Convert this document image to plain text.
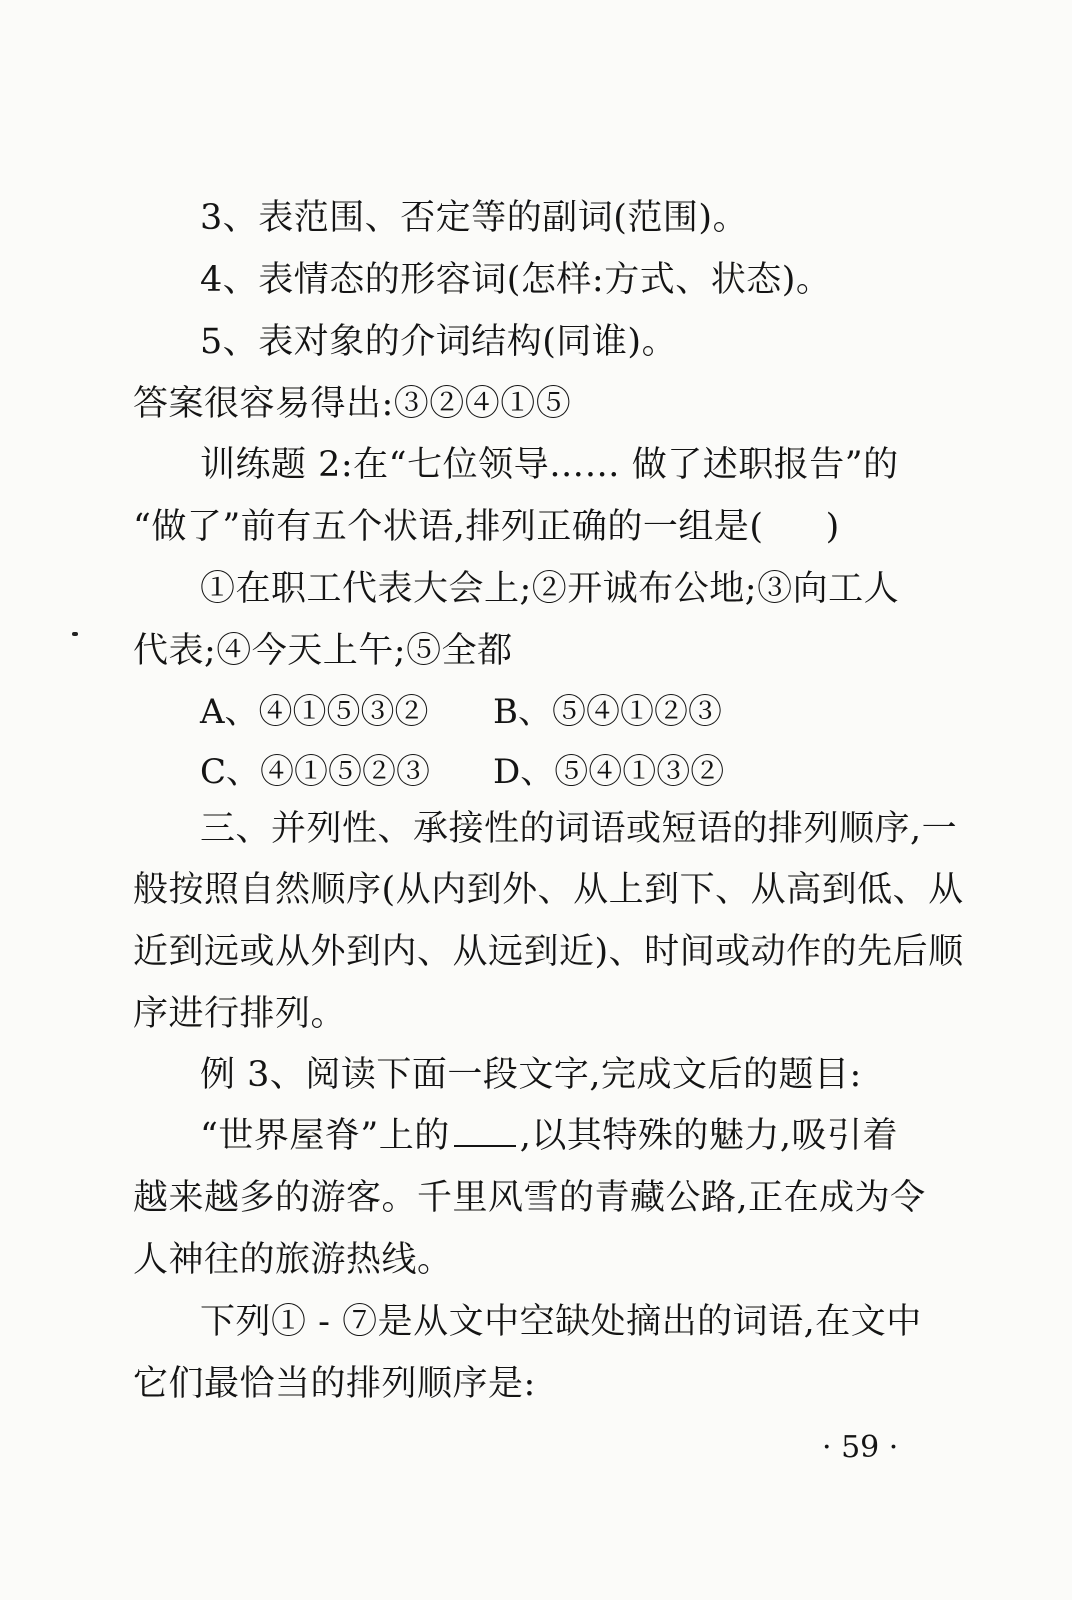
3、表范围、否定等的副词(范围)。
4、表情态的形容词(怎样:方式、状态)。
5、表对象的介词结构(同谁)。
答案很容易得出:③②④①⑤
训练题 2:在“七位领导…… 做了述职报告”的
“做了”前有五个状语,排列正确的一组是( )
①在职工代表大会上;②开诚布公地;③向工人
代表;④今天上午;⑤全都
A、④①⑤③② B、⑤④①②③
C、④①⑤②③ D、⑤④①③②
三、并列性、承接性的词语或短语的排列顺序,一
般按照自然顺序(从内到外、从上到下、从高到低、从
近到远或从外到内、从远到近)、时间或动作的先后顺
序进行排列。
例 3、阅读下面一段文字,完成文后的题目:
“世界屋脊”上的 ,以其特殊的魅力,吸引着
越来越多的游客。千里风雪的青藏公路,正在成为令
人神往的旅游热线。
下列① - ⑦是从文中空缺处摘出的词语,在文中
它们最恰当的排列顺序是:
· 59 ·
